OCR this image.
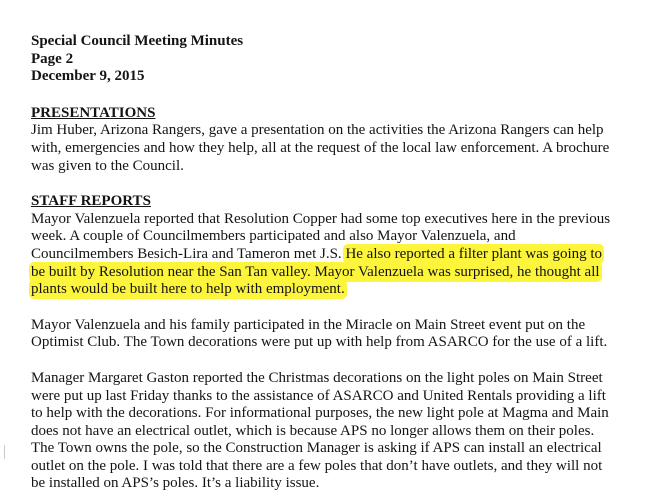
Special Council Meeting Minutes

Page 2

December 9, 2015

PRESENTATIONS

Jim Huber, Arizona Rangers, gave a presentation on the activities the Arizona Rangers can help

with, emergencies and how they help, all at the request of the local law enforcement. A brochure

was given to the Council.

STAFF REPORTS

Mayor Valenzuela reported that Resolution Copper had some top executives here in the previous

week. A couple of Councilmembers participated and also Mayor Valenzuela, and

Councilmembers Besich-Lira and Tameron met J.S. He also reported a filter plant was going to

be built by Resolution near the San Tan valley. Mayor Valenzuela was surprised, he thought all

plants would be built here to help with employment.

Mayor Valenzuela and his family participated in the Miracle on Main Street event put on the

Optimist Club. The Town decorations were put up with help from ASARCO for the use of a lift.

Manager Margaret Gaston reported the Christmas decorations on the light poles on Main Street

were put up last Friday thanks to the assistance of ASARCO and United Rentals providing a lift

to help with the decorations. For informational purposes, the new light pole at Magma and Main

does not have an electrical outlet, which is because APS no longer allows them on their poles.

The Town owns the pole, so the Construction Manager is asking if APS can install an electrical

outlet on the pole. I was told that there are a few poles that don’t have outlets, and they will not

be installed on APS’s poles. It’s a liability issue.
